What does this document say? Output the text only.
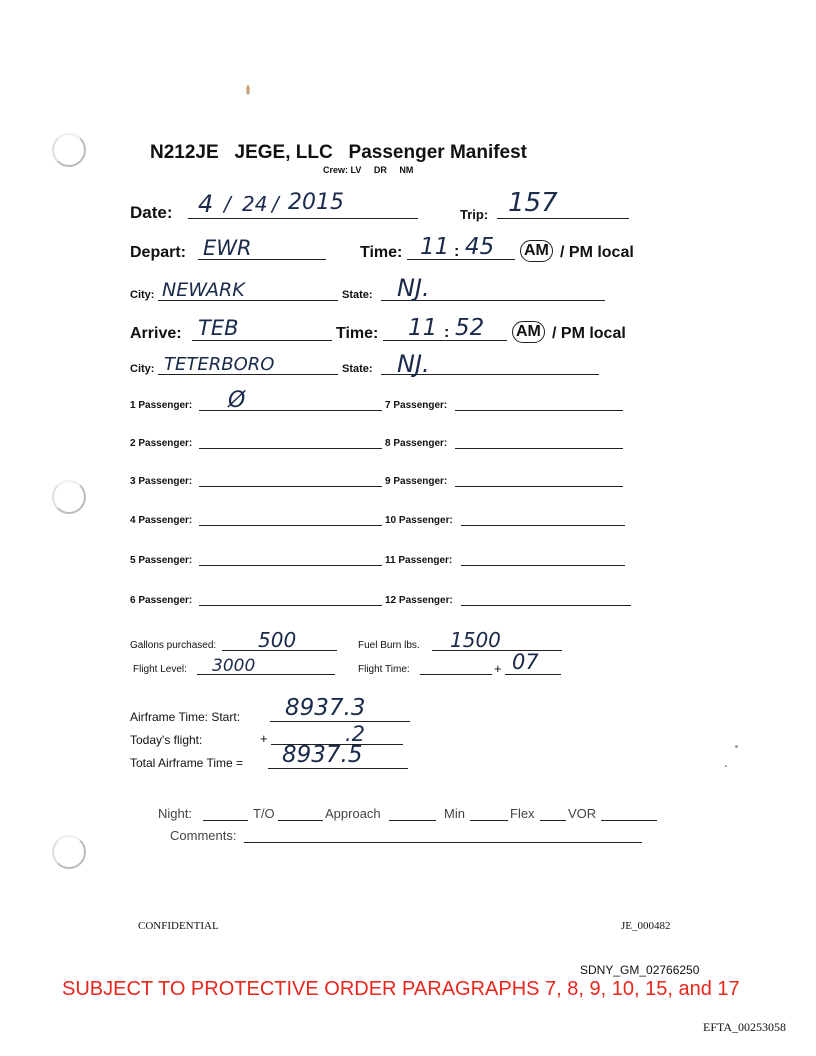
N212JE JEGE, LLC Passenger Manifest
Crew: LV DR NM
Date: 4 / 24 / 2015	Trip: 157
Depart: EWR	Time: 11 : 45 AM / PM local
City: NEWARK	State: NJ.
Arrive: TEB	Time: 11 : 52 AM / PM local
City: TETERBORO	State: NJ.
1 Passenger: Ø	7 Passenger:
2 Passenger:	8 Passenger:
3 Passenger:	9 Passenger:
4 Passenger:	10 Passenger:
5 Passenger:	11 Passenger:
6 Passenger:	12 Passenger:
Gallons purchased: 500	Fuel Burn lbs. 1500
Flight Level: 3000	Flight Time:	+ 07
Airframe Time: Start: 8937.3
Today's flight:	+	.2
Total Airframe Time = 8937.5
Night:	T/O	Approach	Min	Flex	VOR
Comments:
CONFIDENTIAL	JE_000482
SDNY_GM_02766250
SUBJECT TO PROTECTIVE ORDER PARAGRAPHS 7, 8, 9, 10, 15, and 17
EFTA_00253058
